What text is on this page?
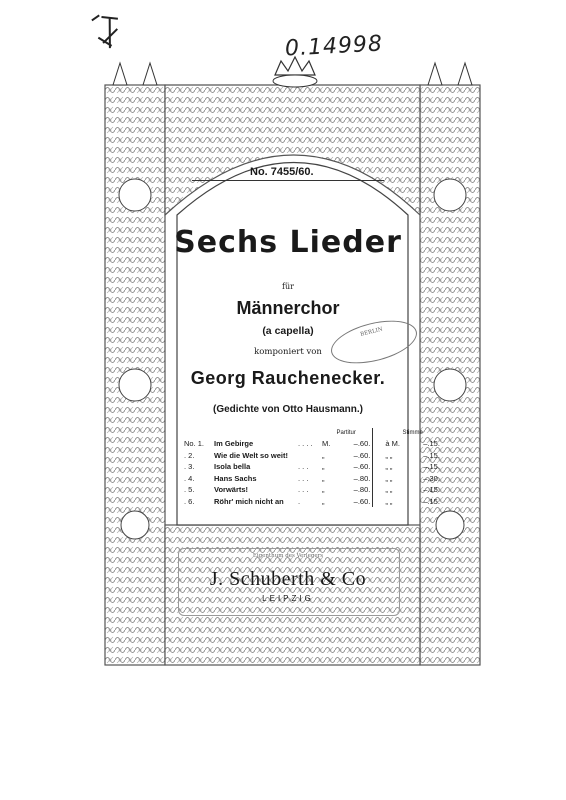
0.14998
No. 7455/60.
Sechs Lieder
für
Männerchor
(a capella)
komponiert von
Georg Rauchenecker.
(Gedichte von Otto Hausmann.)
BERLIN
			Partitur			Stimme	
No. 1.	Im Gebirge	. . . .	M.	–.60.		à M.	–.15.
. 2.	Wie die Welt so weit!		„	–.60.		„ „	–.15.
. 3.	Isola bella	. . .	„	–.60.		„ „	–.15.
. 4.	Hans Sachs	. . .	„	–.80.		„ „	–.30.
. 5.	Vorwärts!	. . .	„	–.80.		„ „	–.15.
. 6.	Röhr' mich nicht an	.	„	–.60.		„ „	–.15.
Eigenthum des Verlegers
J. Schuberth & Co
LEIPZIG
